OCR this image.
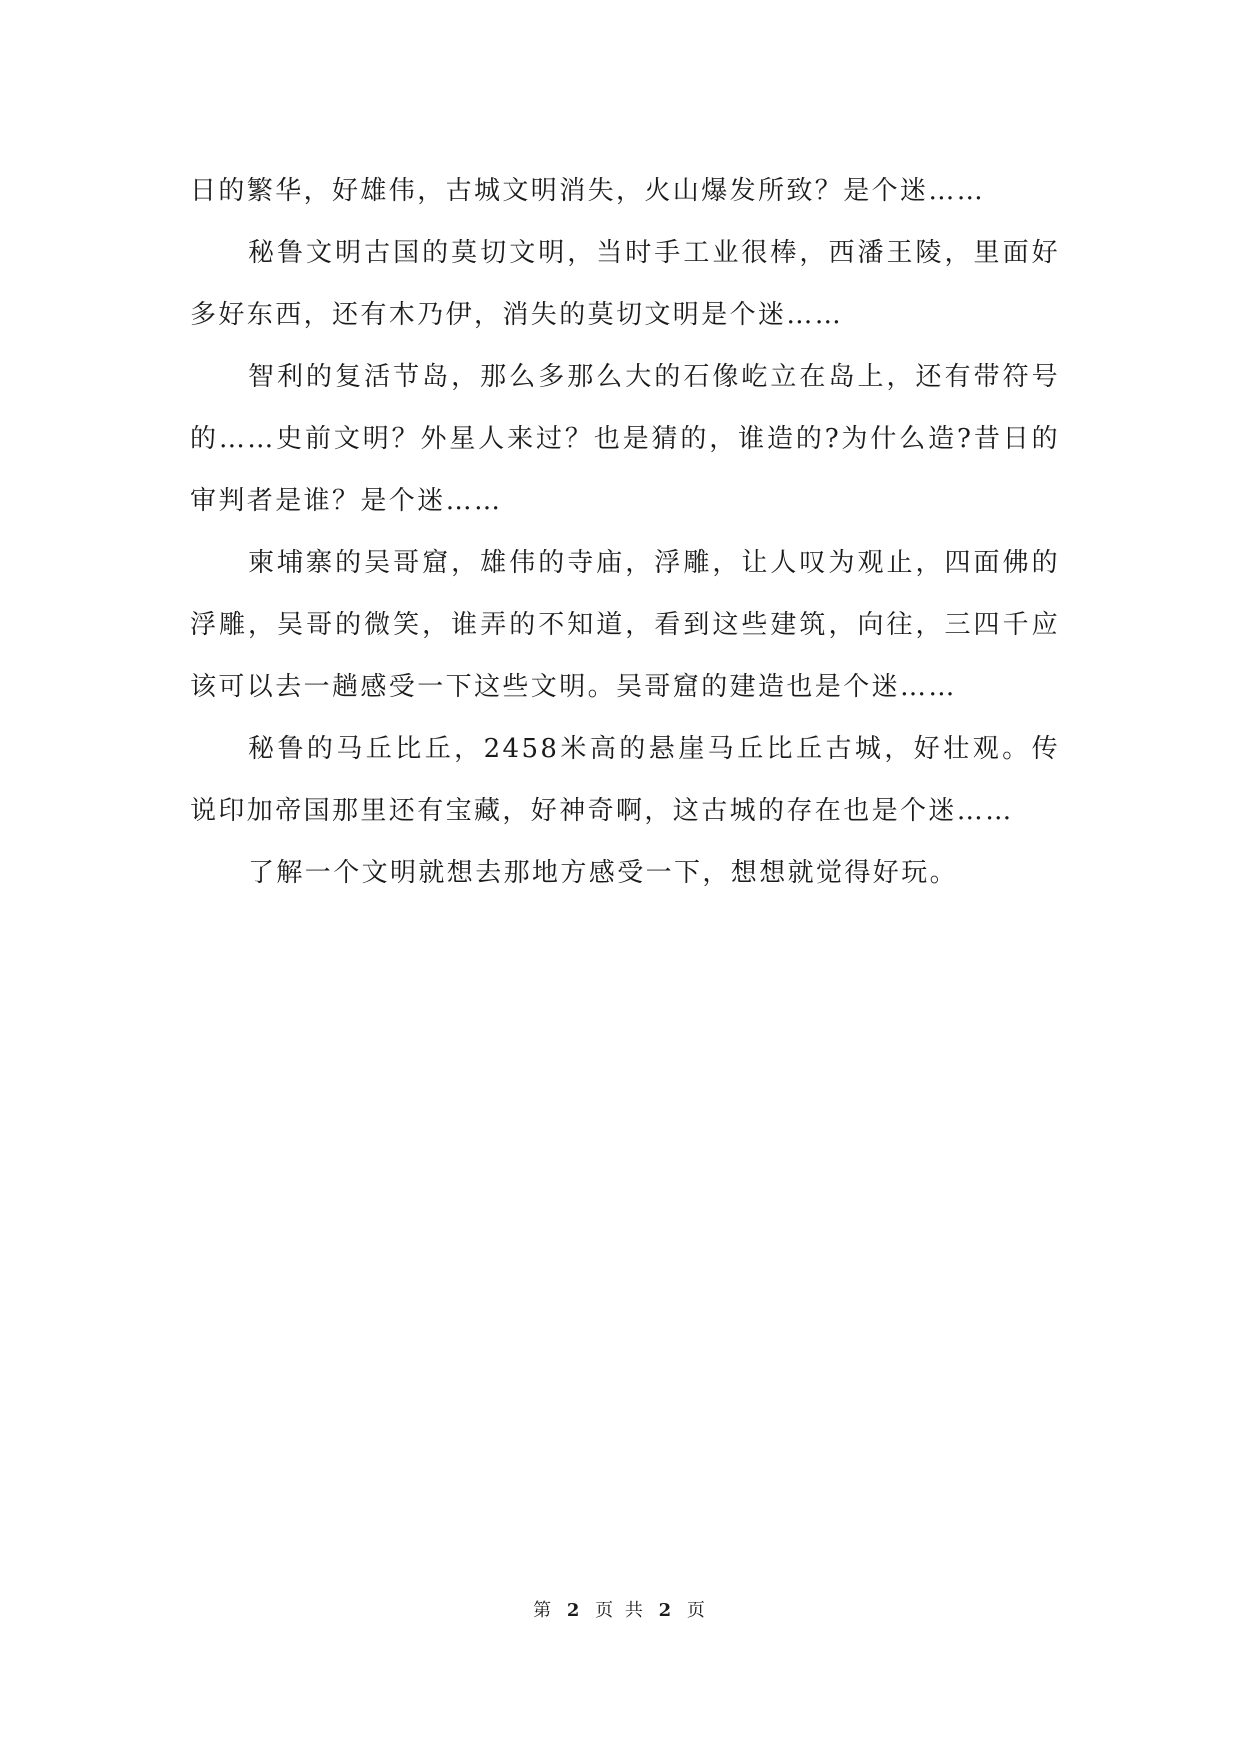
日的繁华，好雄伟，古城文明消失，火山爆发所致？是个迷……

秘鲁文明古国的莫切文明，当时手工业很棒，西潘王陵，里面好多好东西，还有木乃伊，消失的莫切文明是个迷……

智利的复活节岛，那么多那么大的石像屹立在岛上，还有带符号的……史前文明？外星人来过？也是猜的，谁造的?为什么造?昔日的审判者是谁？是个迷……

柬埔寨的吴哥窟，雄伟的寺庙，浮雕，让人叹为观止，四面佛的浮雕，吴哥的微笑，谁弄的不知道，看到这些建筑，向往，三四千应该可以去一趟感受一下这些文明。吴哥窟的建造也是个迷……

秘鲁的马丘比丘，2458米高的悬崖马丘比丘古城，好壮观。传说印加帝国那里还有宝藏，好神奇啊，这古城的存在也是个迷……

了解一个文明就想去那地方感受一下，想想就觉得好玩。

第 2 页 共 2 页
